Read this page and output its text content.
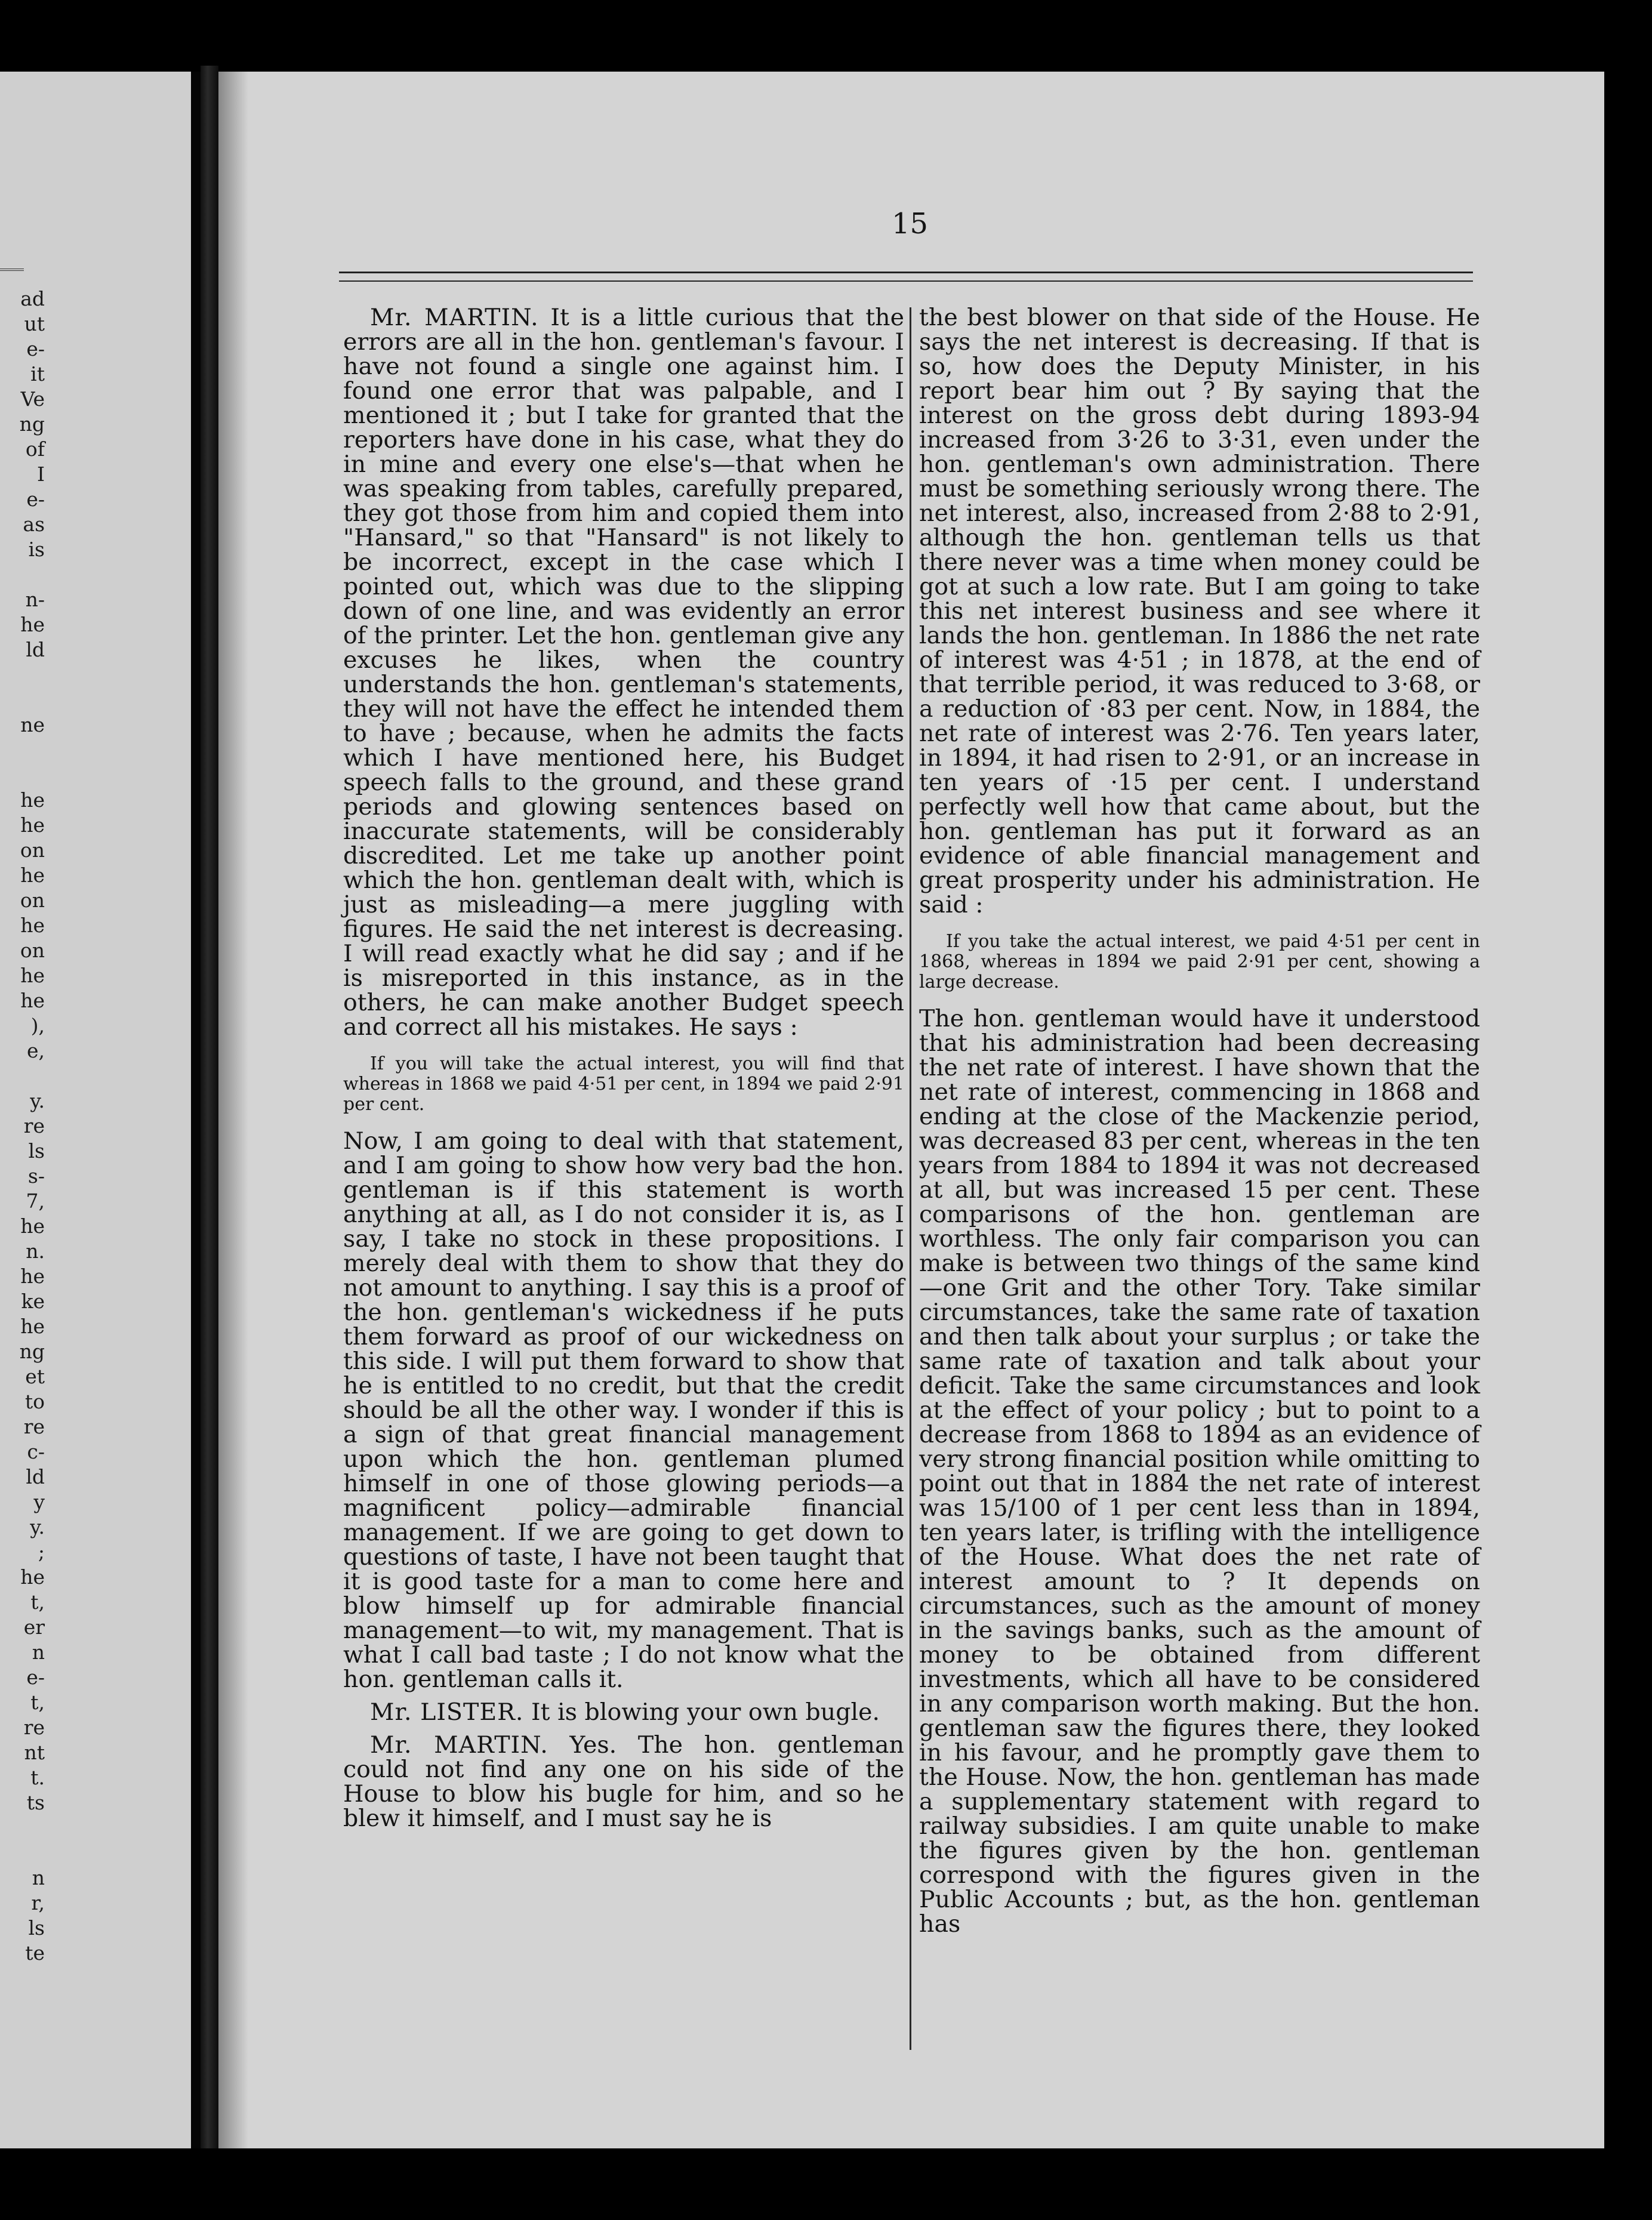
ad
ut
e-
it
Ve
ng
of
I
e-
as
is
n-
he
ld
ne
he
he
on
he
on
he
on
he
he
),
e,
y.
re
ls
s-
7,
he
n.
he
ke
he
ng
et
to
re
c-
ld
y
y.
;
he
t,
er
n
e-
t,
re
nt
t.
ts
n
r,
ls
te
15

Mr. MARTIN. It is a little curious that the errors are all in the hon. gentleman's favour. I have not found a single one against him. I found one error that was palpable, and I mentioned it ; but I take for granted that the reporters have done in his case, what they do in mine and every one else's—that when he was speaking from tables, carefully prepared, they got those from him and copied them into "Hansard," so that "Hansard" is not likely to be incorrect, except in the case which I pointed out, which was due to the slipping down of one line, and was evidently an error of the printer. Let the hon. gentleman give any excuses he likes, when the country understands the hon. gentleman's statements, they will not have the effect he intended them to have ; because, when he admits the facts which I have mentioned here, his Budget speech falls to the ground, and these grand periods and glowing sentences based on inaccurate statements, will be considerably discredited. Let me take up another point which the hon. gentleman dealt with, which is just as misleading—a mere juggling with figures. He said the net interest is decreasing. I will read exactly what he did say ; and if he is misreported in this instance, as in the others, he can make another Budget speech and correct all his mistakes. He says :

If you will take the actual interest, you will find that whereas in 1868 we paid 4·51 per cent, in 1894 we paid 2·91 per cent.

Now, I am going to deal with that statement, and I am going to show how very bad the hon. gentleman is if this statement is worth anything at all, as I do not consider it is, as I say, I take no stock in these propositions. I merely deal with them to show that they do not amount to anything. I say this is a proof of the hon. gentleman's wickedness if he puts them forward as proof of our wickedness on this side. I will put them forward to show that he is entitled to no credit, but that the credit should be all the other way. I wonder if this is a sign of that great financial management upon which the hon. gentleman plumed himself in one of those glowing periods—a magnificent policy—admirable financial management. If we are going to get down to questions of taste, I have not been taught that it is good taste for a man to come here and blow himself up for admirable financial management—to wit, my management. That is what I call bad taste ; I do not know what the hon. gentleman calls it.

Mr. LISTER. It is blowing your own bugle.

Mr. MARTIN. Yes. The hon. gentleman could not find any one on his side of the House to blow his bugle for him, and so he blew it himself, and I must say he is

the best blower on that side of the House. He says the net interest is decreasing. If that is so, how does the Deputy Minister, in his report bear him out ? By saying that the interest on the gross debt during 1893-94 increased from 3·26 to 3·31, even under the hon. gentleman's own administration. There must be something seriously wrong there. The net interest, also, increased from 2·88 to 2·91, although the hon. gentleman tells us that there never was a time when money could be got at such a low rate. But I am going to take this net interest business and see where it lands the hon. gentleman. In 1886 the net rate of interest was 4·51 ; in 1878, at the end of that terrible period, it was reduced to 3·68, or a reduction of ·83 per cent. Now, in 1884, the net rate of interest was 2·76. Ten years later, in 1894, it had risen to 2·91, or an increase in ten years of ·15 per cent. I understand perfectly well how that came about, but the hon. gentleman has put it forward as an evidence of able financial management and great prosperity under his administration. He said :

If you take the actual interest, we paid 4·51 per cent in 1868, whereas in 1894 we paid 2·91 per cent, showing a large decrease.

The hon. gentleman would have it understood that his administration had been decreasing the net rate of interest. I have shown that the net rate of interest, commencing in 1868 and ending at the close of the Mackenzie period, was decreased 83 per cent, whereas in the ten years from 1884 to 1894 it was not decreased at all, but was increased 15 per cent. These comparisons of the hon. gentleman are worthless. The only fair comparison you can make is between two things of the same kind—one Grit and the other Tory. Take similar circumstances, take the same rate of taxation and then talk about your surplus ; or take the same rate of taxation and talk about your deficit. Take the same circumstances and look at the effect of your policy ; but to point to a decrease from 1868 to 1894 as an evidence of very strong financial position while omitting to point out that in 1884 the net rate of interest was 15/100 of 1 per cent less than in 1894, ten years later, is trifling with the intelligence of the House. What does the net rate of interest amount to ? It depends on circumstances, such as the amount of money in the savings banks, such as the amount of money to be obtained from different investments, which all have to be considered in any comparison worth making. But the hon. gentleman saw the figures there, they looked in his favour, and he promptly gave them to the House. Now, the hon. gentleman has made a supplementary statement with regard to railway subsidies. I am quite unable to make the figures given by the hon. gentleman correspond with the figures given in the Public Accounts ; but, as the hon. gentleman has
